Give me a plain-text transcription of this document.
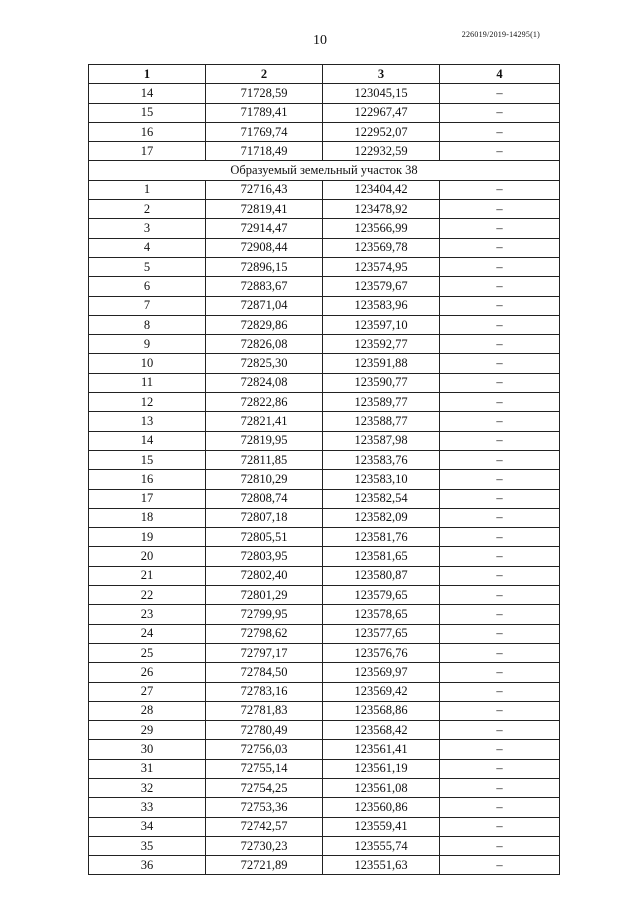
10	226019/2019-14295(1)
1	2	3	4
14	71728,59	123045,15	–
15	71789,41	122967,47	–
16	71769,74	122952,07	–
17	71718,49	122932,59	–
Образуемый земельный участок 38			
1	72716,43	123404,42	–
2	72819,41	123478,92	–
3	72914,47	123566,99	–
4	72908,44	123569,78	–
5	72896,15	123574,95	–
6	72883,67	123579,67	–
7	72871,04	123583,96	–
8	72829,86	123597,10	–
9	72826,08	123592,77	–
10	72825,30	123591,88	–
11	72824,08	123590,77	–
12	72822,86	123589,77	–
13	72821,41	123588,77	–
14	72819,95	123587,98	–
15	72811,85	123583,76	–
16	72810,29	123583,10	–
17	72808,74	123582,54	–
18	72807,18	123582,09	–
19	72805,51	123581,76	–
20	72803,95	123581,65	–
21	72802,40	123580,87	–
22	72801,29	123579,65	–
23	72799,95	123578,65	–
24	72798,62	123577,65	–
25	72797,17	123576,76	–
26	72784,50	123569,97	–
27	72783,16	123569,42	–
28	72781,83	123568,86	–
29	72780,49	123568,42	–
30	72756,03	123561,41	–
31	72755,14	123561,19	–
32	72754,25	123561,08	–
33	72753,36	123560,86	–
34	72742,57	123559,41	–
35	72730,23	123555,74	–
36	72721,89	123551,63	–
